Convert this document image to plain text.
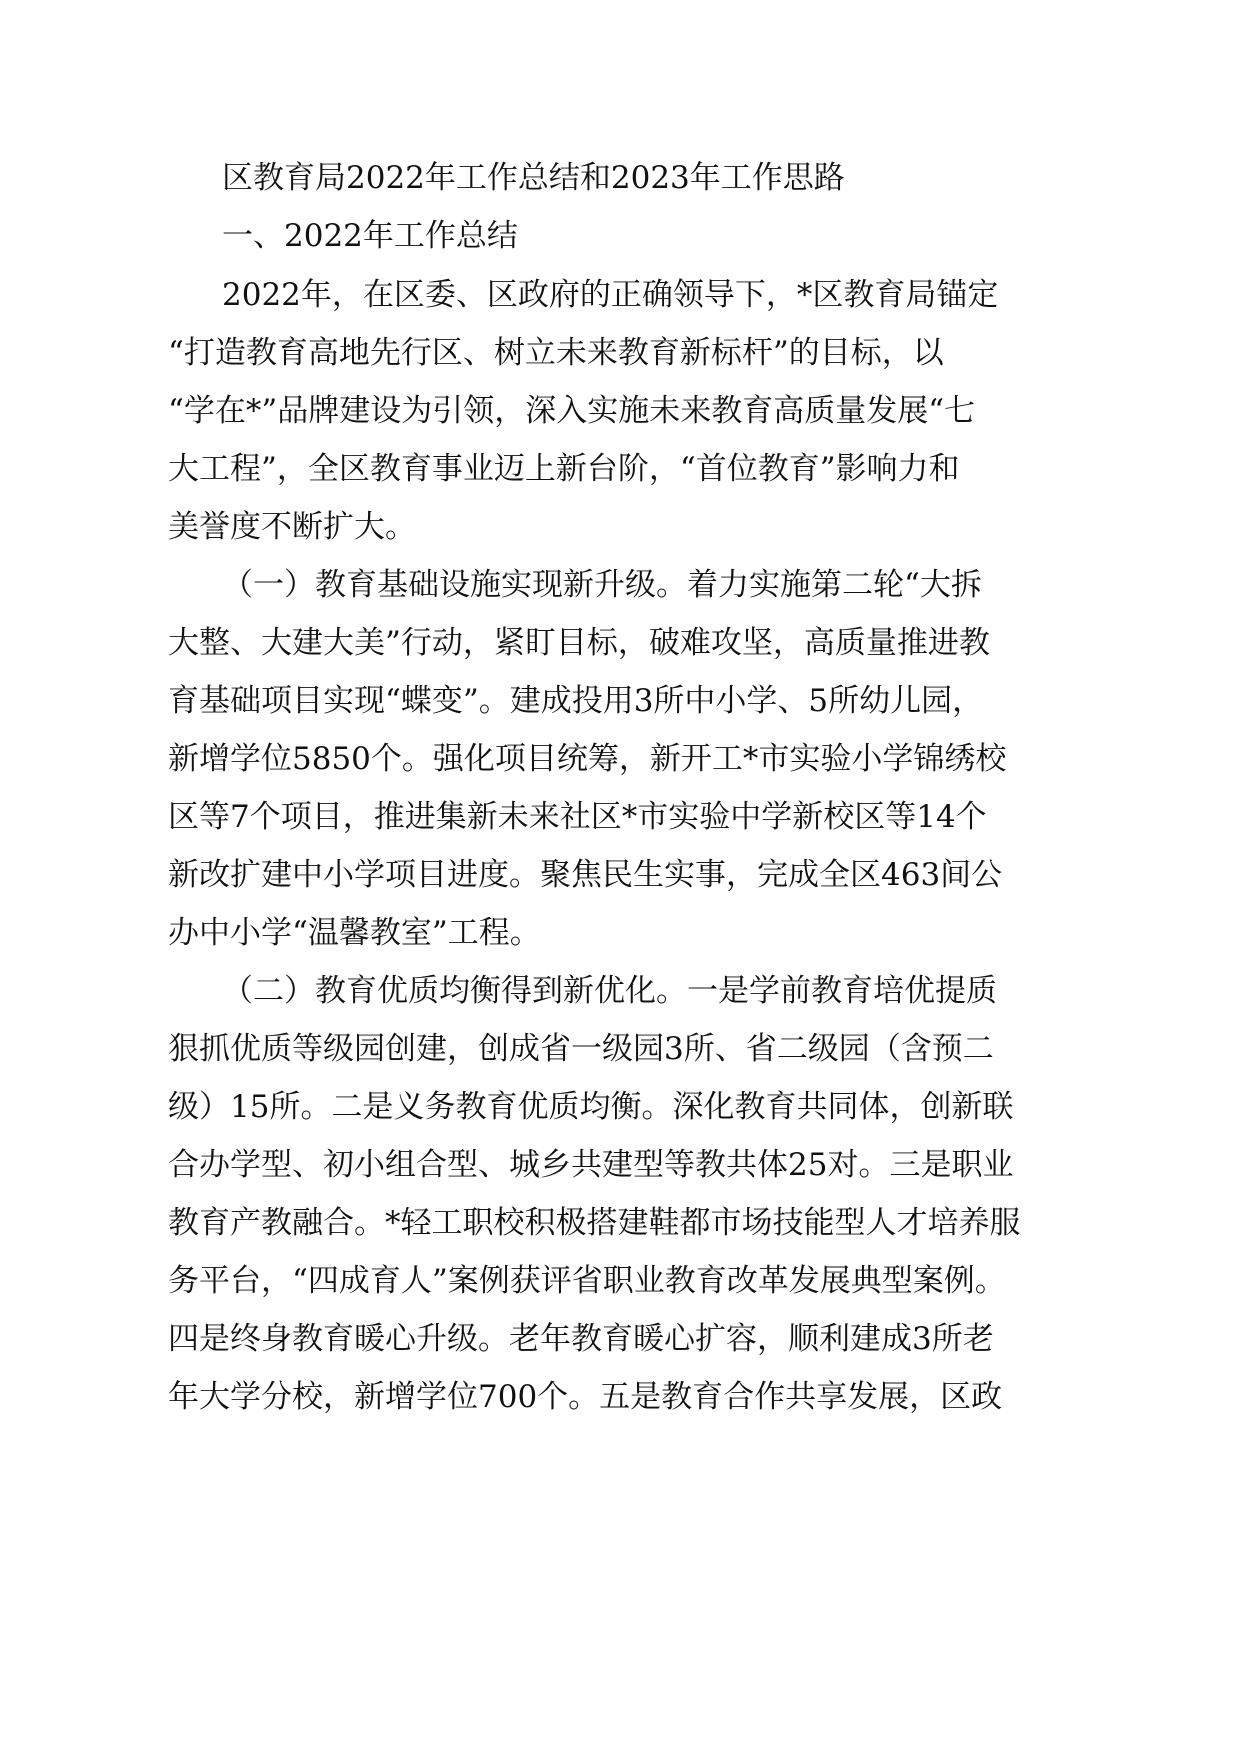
区教育局2022年工作总结和2023年工作思路
一、2022年工作总结
2022年，在区委、区政府的正确领导下，*区教育局锚定
“打造教育高地先行区、树立未来教育新标杆”的目标，以
“学在*”品牌建设为引领，深入实施未来教育高质量发展“七
大工程”，全区教育事业迈上新台阶，“首位教育”影响力和
美誉度不断扩大。
（一）教育基础设施实现新升级。着力实施第二轮“大拆
大整、大建大美”行动，紧盯目标，破难攻坚，高质量推进教
育基础项目实现“蝶变”。建成投用3所中小学、5所幼儿园，
新增学位5850个。强化项目统筹，新开工*市实验小学锦绣校
区等7个项目，推进集新未来社区*市实验中学新校区等14个
新改扩建中小学项目进度。聚焦民生实事，完成全区463间公
办中小学“温馨教室”工程。
（二）教育优质均衡得到新优化。一是学前教育培优提质
狠抓优质等级园创建，创成省一级园3所、省二级园（含预二
级）15所。二是义务教育优质均衡。深化教育共同体，创新联
合办学型、初小组合型、城乡共建型等教共体25对。三是职业
教育产教融合。*轻工职校积极搭建鞋都市场技能型人才培养服
务平台，“四成育人”案例获评省职业教育改革发展典型案例。
四是终身教育暖心升级。老年教育暖心扩容，顺利建成3所老
年大学分校，新增学位700个。五是教育合作共享发展，区政
